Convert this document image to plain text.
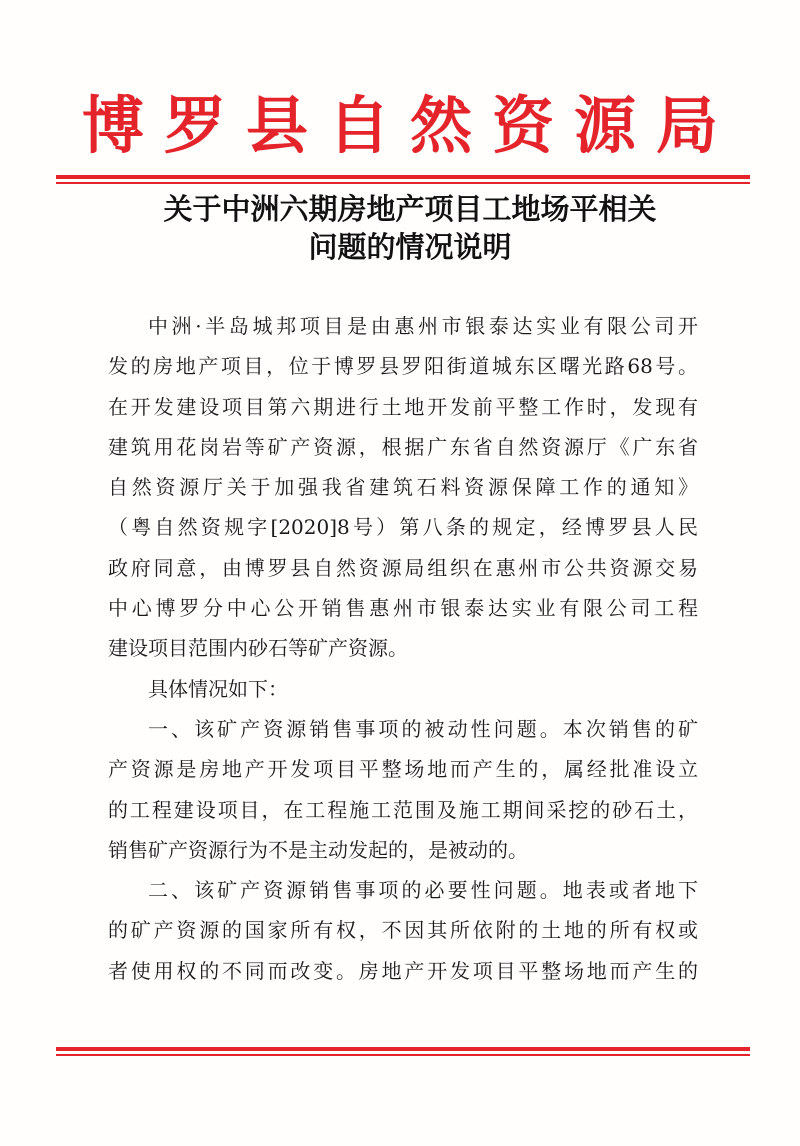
博罗县自然资源局
关于中洲六期房地产项目工地场平相关
问题的情况说明
中洲·半岛城邦项目是由惠州市银泰达实业有限公司开
发的房地产项目，位于博罗县罗阳街道城东区曙光路68号。
在开发建设项目第六期进行土地开发前平整工作时，发现有
建筑用花岗岩等矿产资源，根据广东省自然资源厅《广东省
自然资源厅关于加强我省建筑石料资源保障工作的通知》
（粤自然资规字[2020]8号）第八条的规定，经博罗县人民
政府同意，由博罗县自然资源局组织在惠州市公共资源交易
中心博罗分中心公开销售惠州市银泰达实业有限公司工程
建设项目范围内砂石等矿产资源。
具体情况如下：
一、该矿产资源销售事项的被动性问题。本次销售的矿
产资源是房地产开发项目平整场地而产生的，属经批准设立
的工程建设项目，在工程施工范围及施工期间采挖的砂石土，
销售矿产资源行为不是主动发起的，是被动的。
二、该矿产资源销售事项的必要性问题。地表或者地下
的矿产资源的国家所有权，不因其所依附的土地的所有权或
者使用权的不同而改变。房地产开发项目平整场地而产生的
